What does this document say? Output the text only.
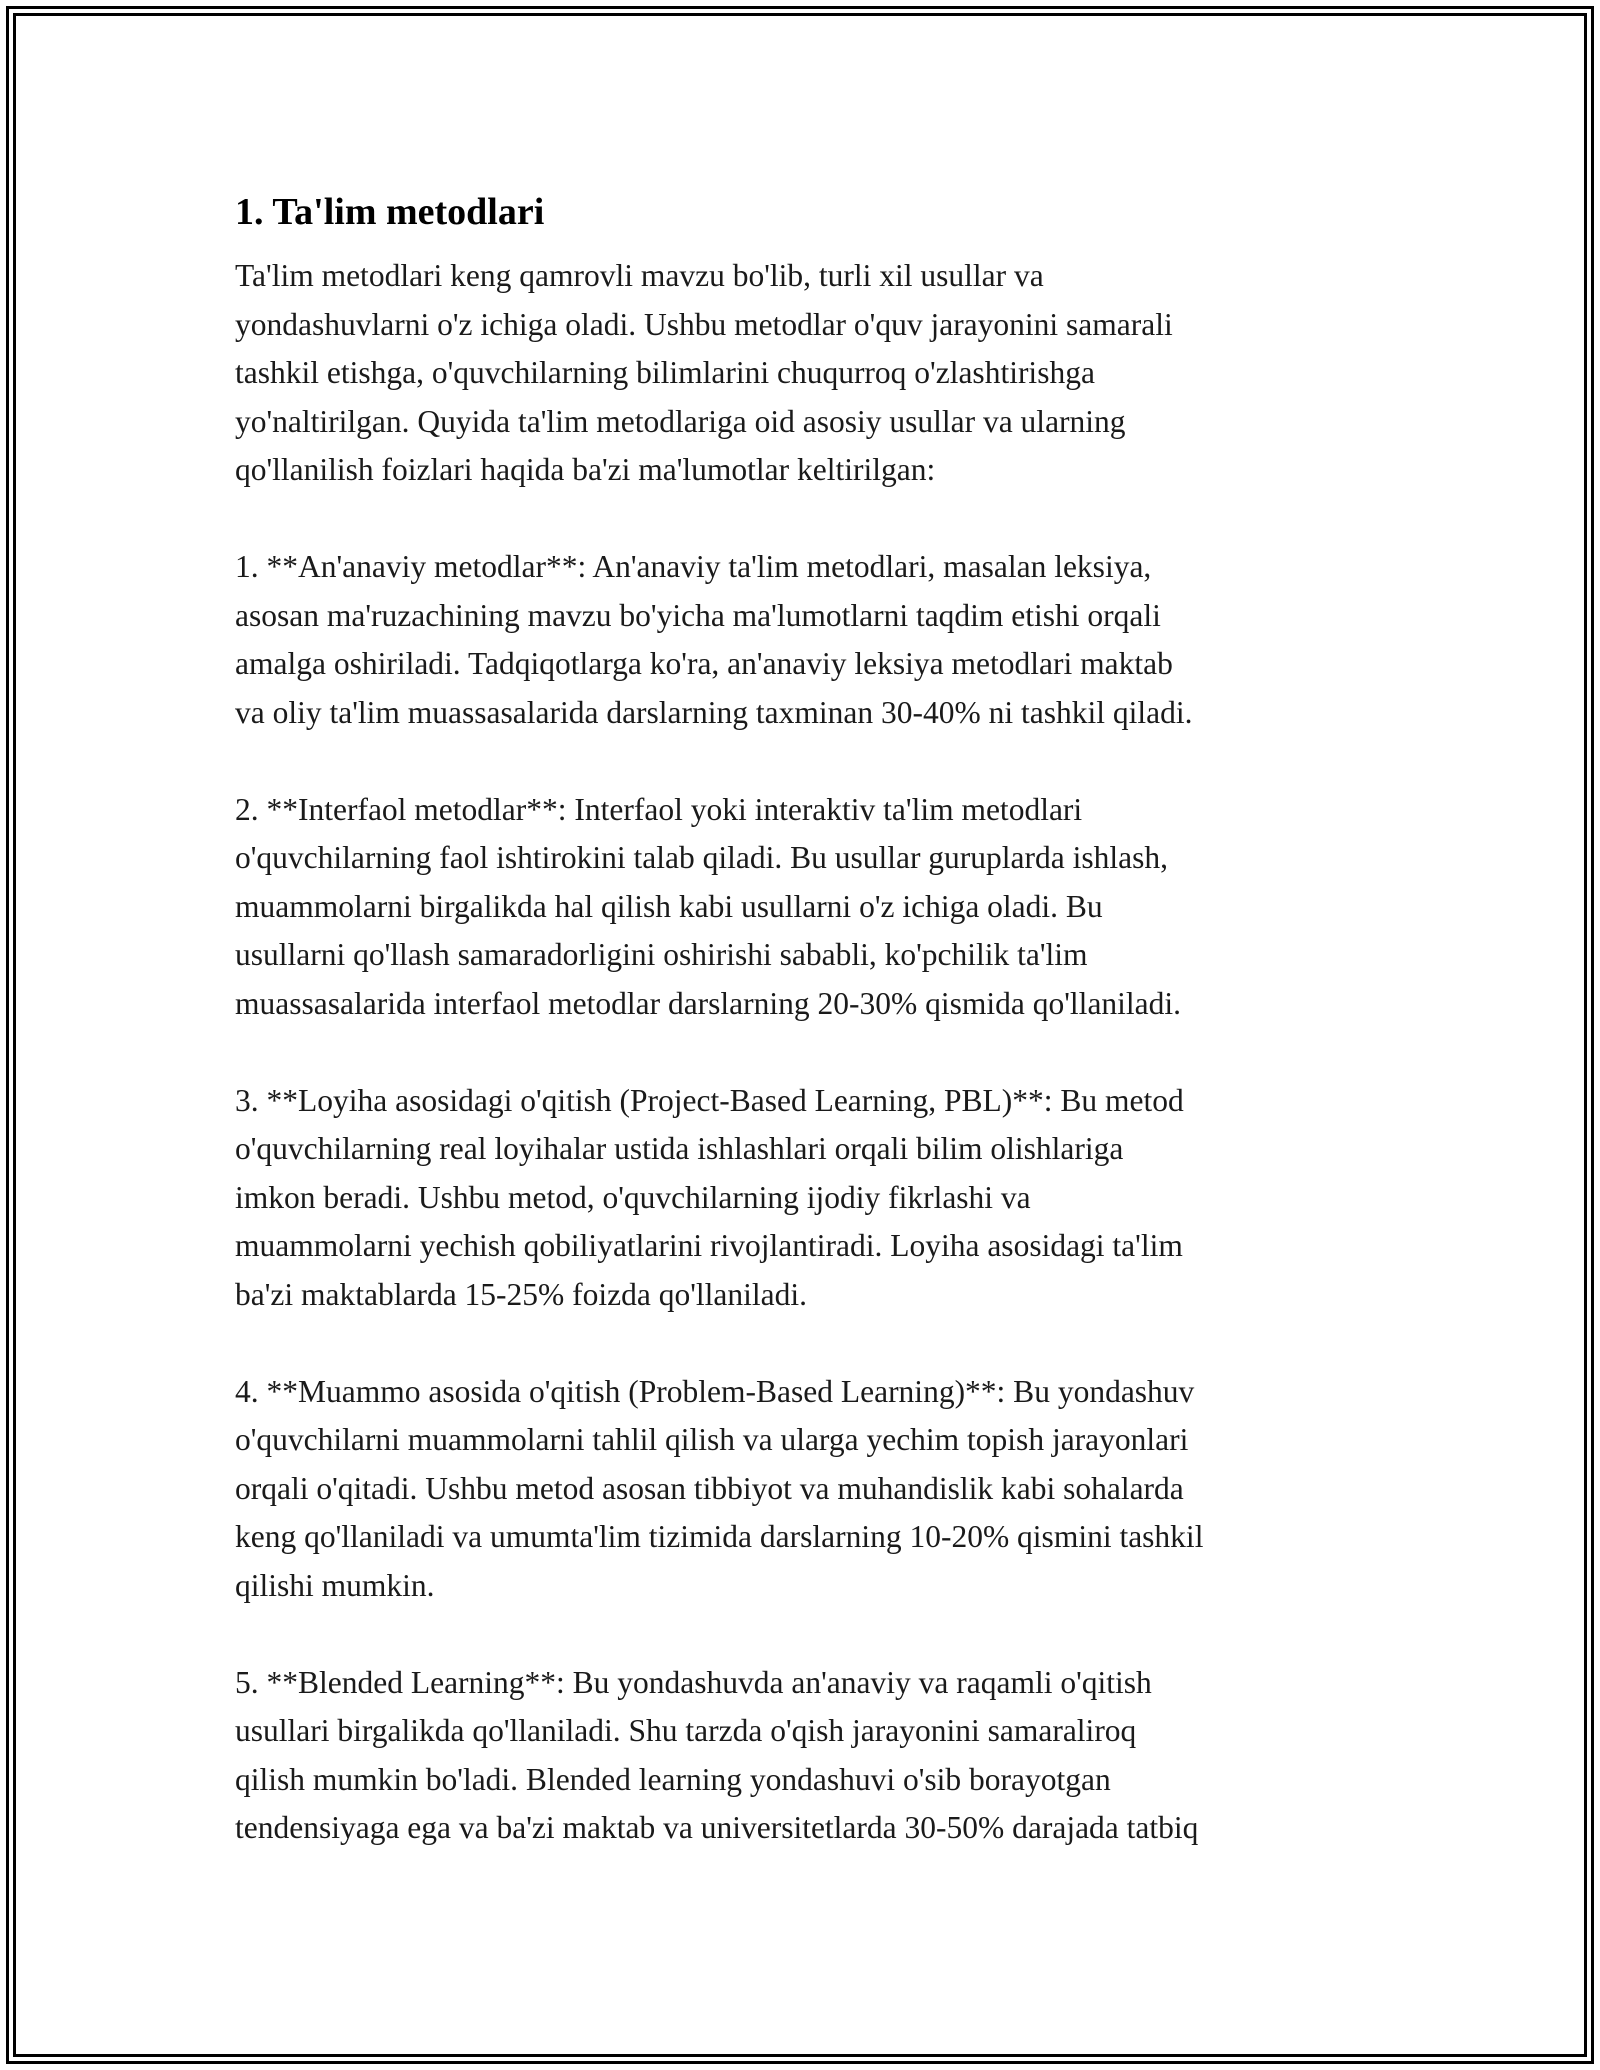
1. Ta'lim metodlari

Ta'lim metodlari keng qamrovli mavzu bo'lib, turli xil usullar va
yondashuvlarni o'z ichiga oladi. Ushbu metodlar o'quv jarayonini samarali
tashkil etishga, o'quvchilarning bilimlarini chuqurroq o'zlashtirishga
yo'naltirilgan. Quyida ta'lim metodlariga oid asosiy usullar va ularning
qo'llanilish foizlari haqida ba'zi ma'lumotlar keltirilgan:

1. **An'anaviy metodlar**: An'anaviy ta'lim metodlari, masalan leksiya,
asosan ma'ruzachining mavzu bo'yicha ma'lumotlarni taqdim etishi orqali
amalga oshiriladi. Tadqiqotlarga ko'ra, an'anaviy leksiya metodlari maktab
va oliy ta'lim muassasalarida darslarning taxminan 30-40% ni tashkil qiladi.

2. **Interfaol metodlar**: Interfaol yoki interaktiv ta'lim metodlari
o'quvchilarning faol ishtirokini talab qiladi. Bu usullar guruplarda ishlash,
muammolarni birgalikda hal qilish kabi usullarni o'z ichiga oladi. Bu
usullarni qo'llash samaradorligini oshirishi sababli, ko'pchilik ta'lim
muassasalarida interfaol metodlar darslarning 20-30% qismida qo'llaniladi.

3. **Loyiha asosidagi o'qitish (Project-Based Learning, PBL)**: Bu metod
o'quvchilarning real loyihalar ustida ishlashlari orqali bilim olishlariga
imkon beradi. Ushbu metod, o'quvchilarning ijodiy fikrlashi va
muammolarni yechish qobiliyatlarini rivojlantiradi. Loyiha asosidagi ta'lim
ba'zi maktablarda 15-25% foizda qo'llaniladi.

4. **Muammo asosida o'qitish (Problem-Based Learning)**: Bu yondashuv
o'quvchilarni muammolarni tahlil qilish va ularga yechim topish jarayonlari
orqali o'qitadi. Ushbu metod asosan tibbiyot va muhandislik kabi sohalarda
keng qo'llaniladi va umumta'lim tizimida darslarning 10-20% qismini tashkil
qilishi mumkin.

5. **Blended Learning**: Bu yondashuvda an'anaviy va raqamli o'qitish
usullari birgalikda qo'llaniladi. Shu tarzda o'qish jarayonini samaraliroq
qilish mumkin bo'ladi. Blended learning yondashuvi o'sib borayotgan
tendensiyaga ega va ba'zi maktab va universitetlarda 30-50% darajada tatbiq
